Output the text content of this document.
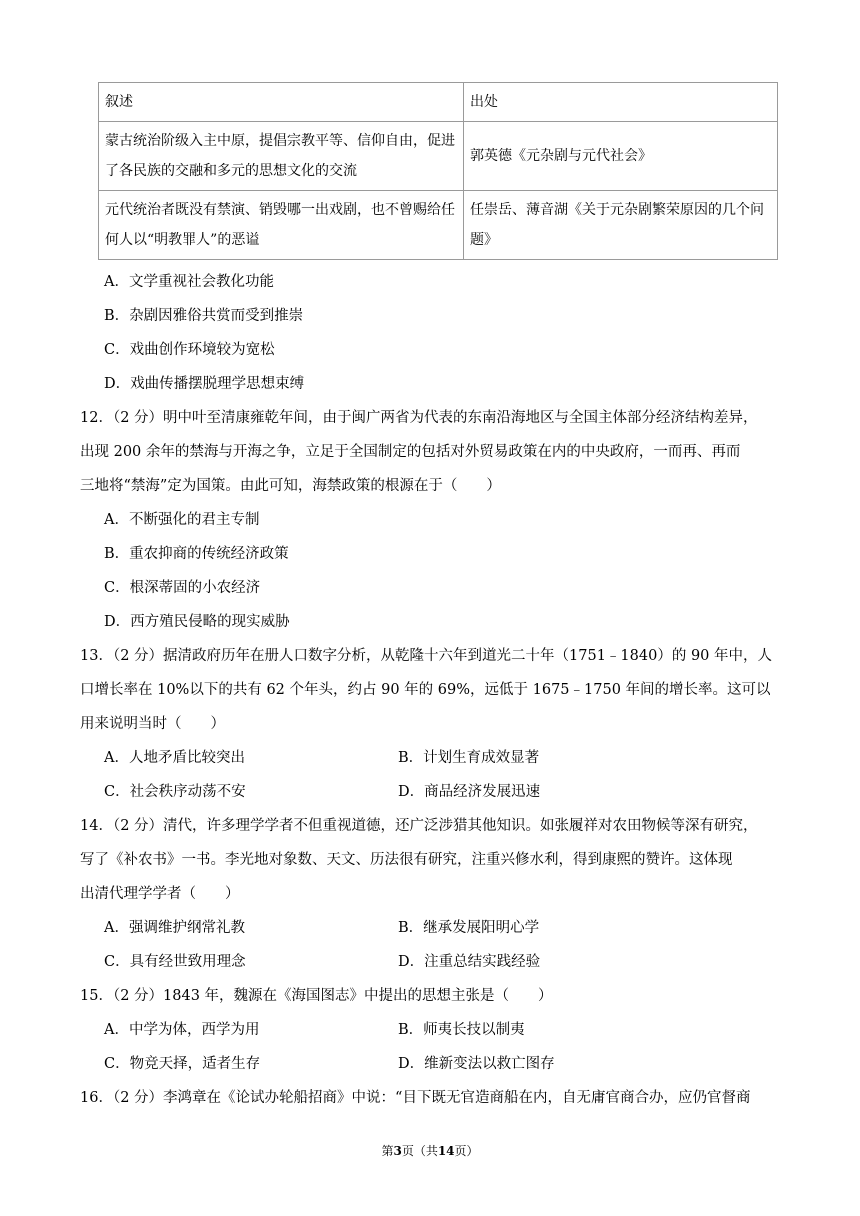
叙述	出处
蒙古统治阶级入主中原，提倡宗教平等、信仰自由，促进了各民族的交融和多元的思想文化的交流	郭英德《元杂剧与元代社会》
元代统治者既没有禁演、销毁哪一出戏剧，也不曾赐给任何人以“明教罪人”的恶谥	任崇岳、薄音湖《关于元杂剧繁荣原因的几个问题》
A．文学重视社会教化功能
B．杂剧因雅俗共赏而受到推崇
C．戏曲创作环境较为宽松
D．戏曲传播摆脱理学思想束缚
12．（2 分）明中叶至清康雍乾年间，由于闽广两省为代表的东南沿海地区与全国主体部分经济结构差异，
出现 200 余年的禁海与开海之争，立足于全国制定的包括对外贸易政策在内的中央政府，一而再、再而
三地将“禁海”定为国策。由此可知，海禁政策的根源在于（　　）
A．不断强化的君主专制
B．重农抑商的传统经济政策
C．根深蒂固的小农经济
D．西方殖民侵略的现实威胁
13．（2 分）据清政府历年在册人口数字分析，从乾隆十六年到道光二十年（1751﹣1840）的 90 年中，人
口增长率在 10%以下的共有 62 个年头，约占 90 年的 69%，远低于 1675﹣1750 年间的增长率。这可以
用来说明当时（　　）
A．人地矛盾比较突出	B．计划生育成效显著
C．社会秩序动荡不安	D．商品经济发展迅速
14．（2 分）清代，许多理学学者不但重视道德，还广泛涉猎其他知识。如张履祥对农田物候等深有研究，
写了《补农书》一书。李光地对象数、天文、历法很有研究，注重兴修水利，得到康熙的赞许。这体现
出清代理学学者（　　）
A．强调维护纲常礼教	B．继承发展阳明心学
C．具有经世致用理念	D．注重总结实践经验
15．（2 分）1843 年，魏源在《海国图志》中提出的思想主张是（　　）
A．中学为体，西学为用	B．师夷长技以制夷
C．物竞天择，适者生存	D．维新变法以救亡图存
16．（2 分）李鸿章在《论试办轮船招商》中说：“目下既无官造商船在内，自无庸官商合办，应仍官督商
第3页（共14页）
